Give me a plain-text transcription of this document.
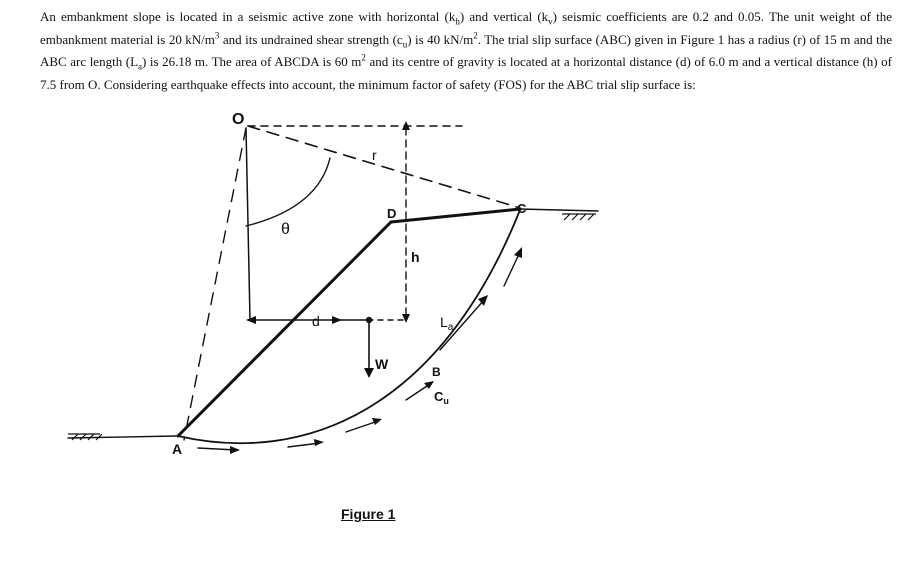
An embankment slope is located in a seismic active zone with horizontal $(k_h)$ and vertical $(k_v)$ seismic coefficients are 0.2 and 0.05. The unit weight of the embankment material is 20 $kN/m^3$ and its undrained shear strength $(c_u)$ is 40 $kN/m^2$. The trial slip surface (ABC) given in Figure 1 has a radius (r) of 15 m and the ABC arc length $(L_a)$ is 26.18 m. The area of ABCDA is 60 $m^2$ and its centre of gravity is located at a horizontal distance (d) of 6.0 m and a vertical distance (h) of 7.5 from O. Considering earthquake effects into account, the minimum factor of safety (FOS) for the ABC trial slip surface is:

O
r
D	C
θ
h
d
W
$L_a$
B
$C_u$
A
Figure 1
